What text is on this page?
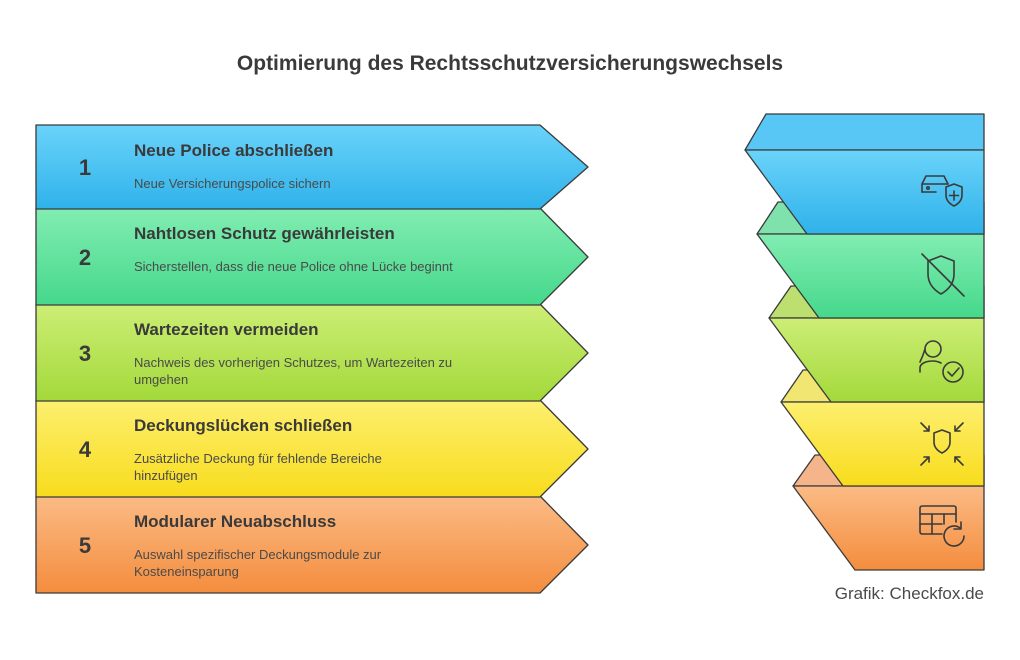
Optimierung des Rechtsschutzversicherungswechsels
1
Neue Police abschließen
Neue Versicherungspolice sichern
2
Nahtlosen Schutz gewährleisten
Sicherstellen, dass die neue Police ohne Lücke beginnt
3
Wartezeiten vermeiden
Nachweis des vorherigen Schutzes, um Wartezeiten zu umgehen
4
Deckungslücken schließen
Zusätzliche Deckung für fehlende Bereiche hinzufügen
5
Modularer Neuabschluss
Auswahl spezifischer Deckungsmodule zur Kosteneinsparung
Grafik: Checkfox.de
